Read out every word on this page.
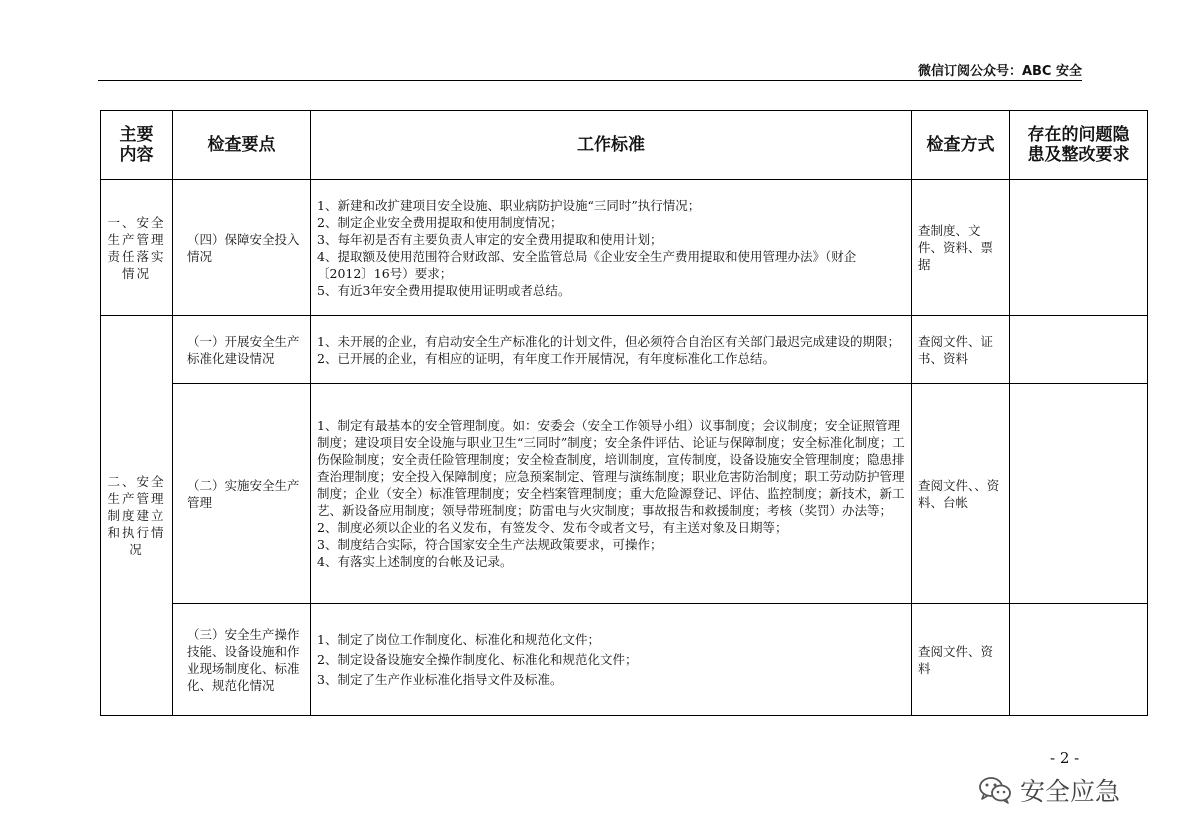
微信订阅公众号：ABC 安全
主要内容	检查要点	工作标准	检查方式	存在的问题隐患及整改要求
一、安全生产管理责任落实情况	（四）保障安全投入情况	1、新建和改扩建项目安全设施、职业病防护设施“三同时”执行情况；
2、制定企业安全费用提取和使用制度情况；
3、每年初是否有主要负责人审定的安全费用提取和使用计划；
4、提取额及使用范围符合财政部、安全监管总局《企业安全生产费用提取和使用管理办法》（财企〔2012〕16号）要求；
5、有近3年安全费用提取使用证明或者总结。	查制度、文件、资料、票据	
二、安全生产管理制度建立和执行情况	（一）开展安全生产标准化建设情况	1、未开展的企业，有启动安全生产标准化的计划文件，但必须符合自治区有关部门最迟完成建设的期限；
2、已开展的企业，有相应的证明，有年度工作开展情况，有年度标准化工作总结。	查阅文件、证书、资料	
	（二）实施安全生产管理	1、制定有最基本的安全管理制度。如：安委会（安全工作领导小组）议事制度；会议制度；安全证照管理制度；建设项目安全设施与职业卫生“三同时”制度；安全条件评估、论证与保障制度；安全标准化制度；工伤保险制度；安全责任险管理制度；安全检查制度，培训制度，宣传制度，设备设施安全管理制度；隐患排查治理制度；安全投入保障制度；应急预案制定、管理与演练制度；职业危害防治制度；职工劳动防护管理制度；企业（安全）标准管理制度；安全档案管理制度；重大危险源登记、评估、监控制度；新技术，新工艺、新设备应用制度；领导带班制度；防雷电与火灾制度；事故报告和救援制度；考核（奖罚）办法等；
2、制度必须以企业的名义发布，有签发令、发布令或者文号，有主送对象及日期等；
3、制度结合实际，符合国家安全生产法规政策要求，可操作；
4、有落实上述制度的台帐及记录。	查阅文件、、资料、台帐	
	（三）安全生产操作技能、设备设施和作业现场制度化、标准化、规范化情况	1、制定了岗位工作制度化、标准化和规范化文件；
2、制定设备设施安全操作制度化、标准化和规范化文件；
3、制定了生产作业标准化指导文件及标准。	查阅文件、资料	
- 2 -
安全应急
